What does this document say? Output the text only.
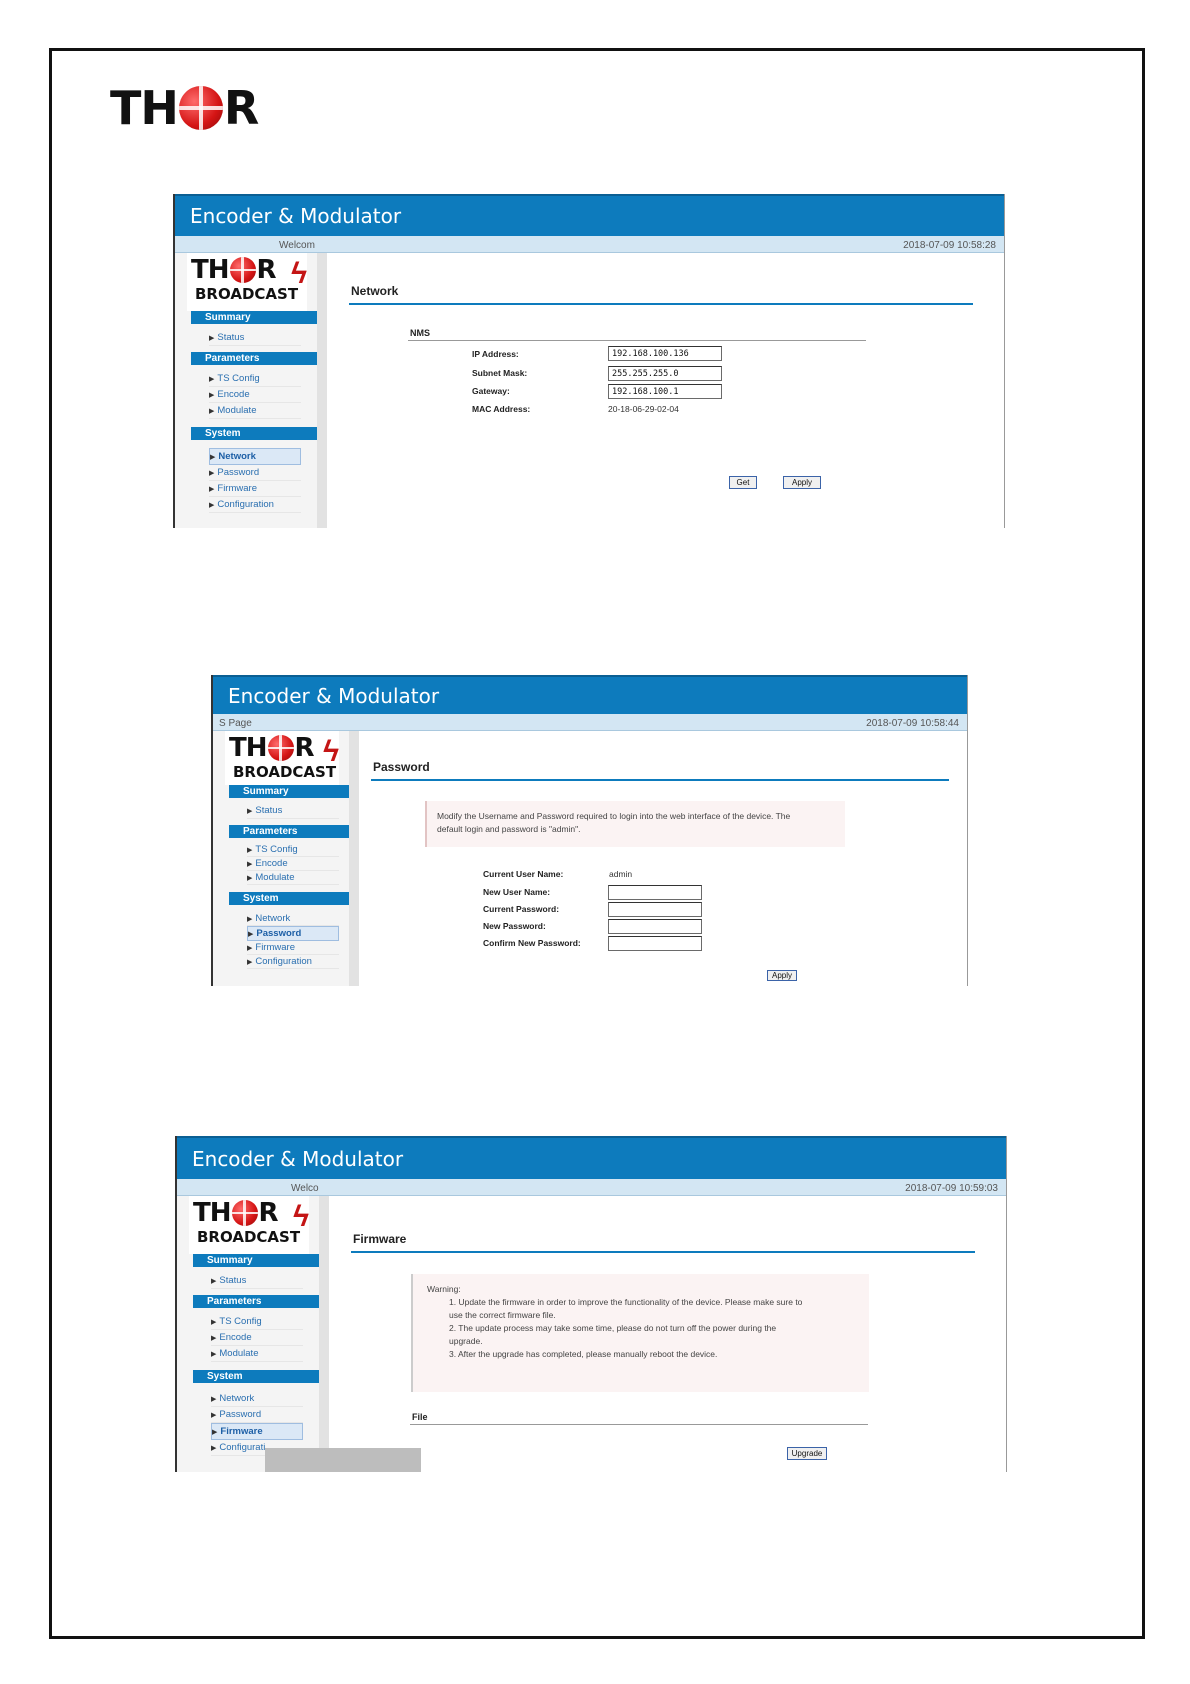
TH R
Encoder & Modulator
Welcom	2018-07-09 10:58:28
TH R
BROADCAST
ϟ
Summary
▶ Status
Parameters
▶ TS Config
▶ Encode
▶ Modulate
System
▶ Network
▶ Password
▶ Firmware
▶ Configuration
Network
NMS
IP Address:
192.168.100.136
Subnet Mask:
255.255.255.0
Gateway:
192.168.100.1
MAC Address:	20-18-06-29-02-04
Get	Apply
Encoder & Modulator
S Page	2018-07-09 10:58:44
TH R
BROADCAST
ϟ
Summary
▶ Status
Parameters
▶ TS Config
▶ Encode
▶ Modulate
System
▶ Network
▶ Password
▶ Firmware
▶ Configuration
Password
Modify the Username and Password required to login into the web interface of the device. The
default login and password is "admin".
Current User Name:	admin
New User Name:
Current Password:
New Password:
Confirm New Password:
Apply
Encoder & Modulator
Welco	2018-07-09 10:59:03
TH R
BROADCAST
ϟ
Summary
▶ Status
Parameters
▶ TS Config
▶ Encode
▶ Modulate
System
▶ Network
▶ Password
▶ Firmware
▶ Configurati
Firmware
Warning:
1. Update the firmware in order to improve the functionality of the device. Please make sure to
use the correct firmware file.
2. The update process may take some time, please do not turn off the power during the
upgrade.
3. After the upgrade has completed, please manually reboot the device.
File
Upgrade
